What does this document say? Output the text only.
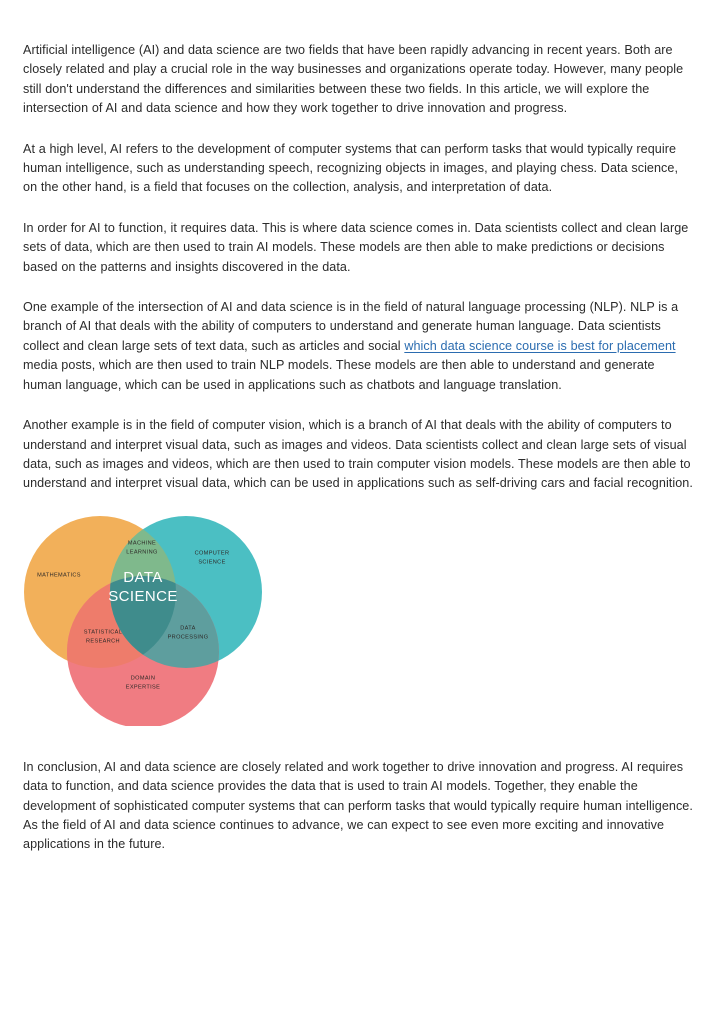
Artificial intelligence (AI) and data science are two fields that have been rapidly advancing in recent years. Both are closely related and play a crucial role in the way businesses and organizations operate today. However, many people still don't understand the differences and similarities between these two fields. In this article, we will explore the intersection of AI and data science and how they work together to drive innovation and progress.

At a high level, AI refers to the development of computer systems that can perform tasks that would typically require human intelligence, such as understanding speech, recognizing objects in images, and playing chess. Data science, on the other hand, is a field that focuses on the collection, analysis, and interpretation of data.

In order for AI to function, it requires data. This is where data science comes in. Data scientists collect and clean large sets of data, which are then used to train AI models. These models are then able to make predictions or decisions based on the patterns and insights discovered in the data.

One example of the intersection of AI and data science is in the field of natural language processing (NLP). NLP is a branch of AI that deals with the ability of computers to understand and generate human language. Data scientists collect and clean large sets of text data, such as articles and social which data science course is best for placement media posts, which are then used to train NLP models. These models are then able to understand and generate human language, which can be used in applications such as chatbots and language translation.

Another example is in the field of computer vision, which is a branch of AI that deals with the ability of computers to understand and interpret visual data, such as images and videos. Data scientists collect and clean large sets of visual data, such as images and videos, which are then used to train computer vision models. These models are then able to understand and interpret visual data, which can be used in applications such as self-driving cars and facial recognition.

In conclusion, AI and data science are closely related and work together to drive innovation and progress. AI requires data to function, and data science provides the data that is used to train AI models. Together, they enable the development of sophisticated computer systems that can perform tasks that would typically require human intelligence. As the field of AI and data science continues to advance, we can expect to see even more exciting and innovative applications in the future.

MATHEMATICS
COMPUTER
SCIENCE
MACHINE
LEARNING
DATA
SCIENCE
STATISTICAL
RESEARCH
DATA
PROCESSING
DOMAIN
EXPERTISE
